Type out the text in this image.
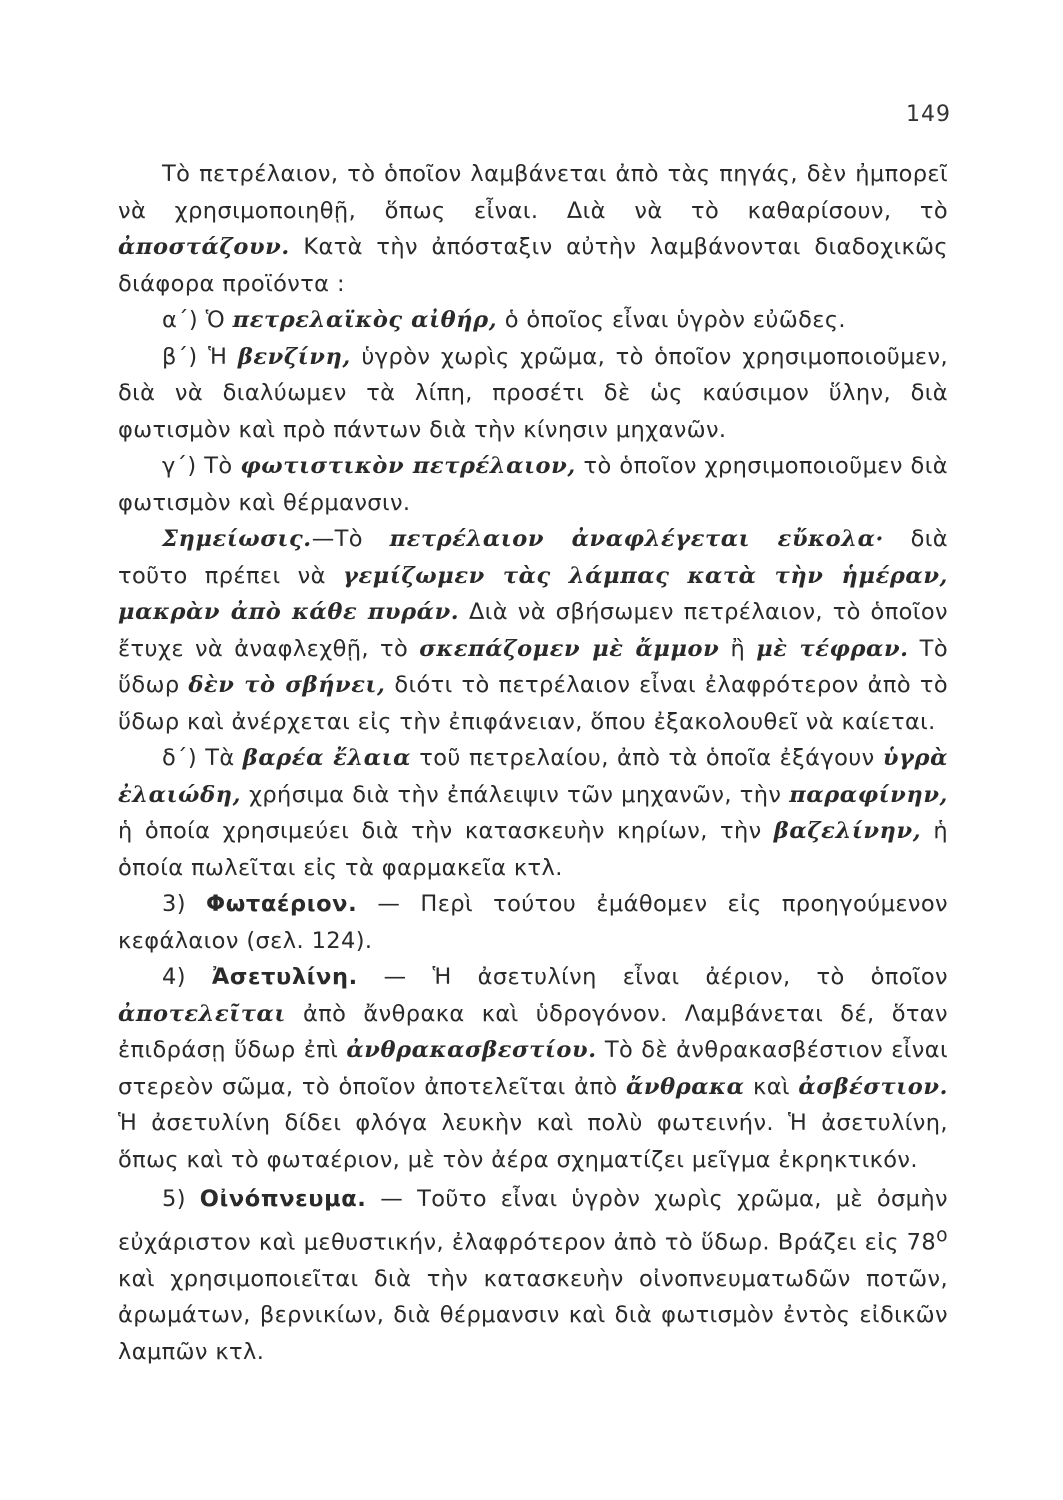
149

Τὸ πετρέλαιον, τὸ ὁποῖον λαμβάνεται ἀπὸ τὰς πηγάς, δὲν ἠμπορεῖ νὰ χρησιμοποιηθῇ, ὅπως εἶναι. Διὰ νὰ τὸ καθαρίσουν, τὸ ἀποστάζουν. Κατὰ τὴν ἀπόσταξιν αὐτὴν λαμβάνονται διαδοχικῶς διάφορα προϊόντα :

α΄) Ὁ πετρελαϊκὸς αἰθήρ, ὁ ὁποῖος εἶναι ὑγρὸν εὐῶδες.

β΄) Ἡ βενζίνη, ὑγρὸν χωρὶς χρῶμα, τὸ ὁποῖον χρησιμοποιοῦμεν, διὰ νὰ διαλύωμεν τὰ λίπη, προσέτι δὲ ὡς καύσιμον ὕλην, διὰ φωτισμὸν καὶ πρὸ πάντων διὰ τὴν κίνησιν μηχανῶν.

γ΄) Τὸ φωτιστικὸν πετρέλαιον, τὸ ὁποῖον χρησιμοποιοῦμεν διὰ φωτισμὸν καὶ θέρμανσιν.

Σημείωσις.—Τὸ πετρέλαιον ἀναφλέγεται εὔκολα· διὰ τοῦτο πρέπει νὰ γεμίζωμεν τὰς λάμπας κατὰ τὴν ἡμέραν, μακρὰν ἀπὸ κάθε πυράν. Διὰ νὰ σβήσωμεν πετρέλαιον, τὸ ὁποῖον ἔτυχε νὰ ἀναφλεχθῇ, τὸ σκεπάζομεν μὲ ἄμμον ἢ μὲ τέφραν. Τὸ ὕδωρ δὲν τὸ σβήνει, διότι τὸ πετρέλαιον εἶναι ἐλαφρότερον ἀπὸ τὸ ὕδωρ καὶ ἀνέρχεται εἰς τὴν ἐπιφάνειαν, ὅπου ἐξακολουθεῖ νὰ καίεται.

δ΄) Τὰ βαρέα ἔλαια τοῦ πετρελαίου, ἀπὸ τὰ ὁποῖα ἐξάγουν ὑγρὰ ἐλαιώδη, χρήσιμα διὰ τὴν ἐπάλειψιν τῶν μηχανῶν, τὴν παραφίνην, ἡ ὁποία χρησιμεύει διὰ τὴν κατασκευὴν κηρίων, τὴν βαζελίνην, ἡ ὁποία πωλεῖται εἰς τὰ φαρμακεῖα κτλ.

3) Φωταέριον. — Περὶ τούτου ἐμάθομεν εἰς προηγούμενον κεφάλαιον (σελ. 124).

4) Ἀσετυλίνη. — Ἡ ἀσετυλίνη εἶναι ἀέριον, τὸ ὁποῖον ἀποτελεῖται ἀπὸ ἄνθρακα καὶ ὑδρογόνον. Λαμβάνεται δέ, ὅταν ἐπιδράσῃ ὕδωρ ἐπὶ ἀνθρακασβεστίου. Τὸ δὲ ἀνθρακασβέστιον εἶναι στερεὸν σῶμα, τὸ ὁποῖον ἀποτελεῖται ἀπὸ ἄνθρακα καὶ ἀσβέστιον. Ἡ ἀσετυλίνη δίδει φλόγα λευκὴν καὶ πολὺ φωτεινήν. Ἡ ἀσετυλίνη, ὅπως καὶ τὸ φωταέριον, μὲ τὸν ἀέρα σχηματίζει μεῖγμα ἐκρηκτικόν.

5) Οἰνόπνευμα. — Τοῦτο εἶναι ὑγρὸν χωρὶς χρῶμα, μὲ ὀσμὴν εὐχάριστον καὶ μεθυστικήν, ἐλαφρότερον ἀπὸ τὸ ὕδωρ. Βράζει εἰς $78^o$ καὶ χρησιμοποιεῖται διὰ τὴν κατασκευὴν οἰνοπνευματωδῶν ποτῶν, ἀρωμάτων, βερνικίων, διὰ θέρμανσιν καὶ διὰ φωτισμὸν ἐντὸς εἰδικῶν λαμπῶν κτλ.
